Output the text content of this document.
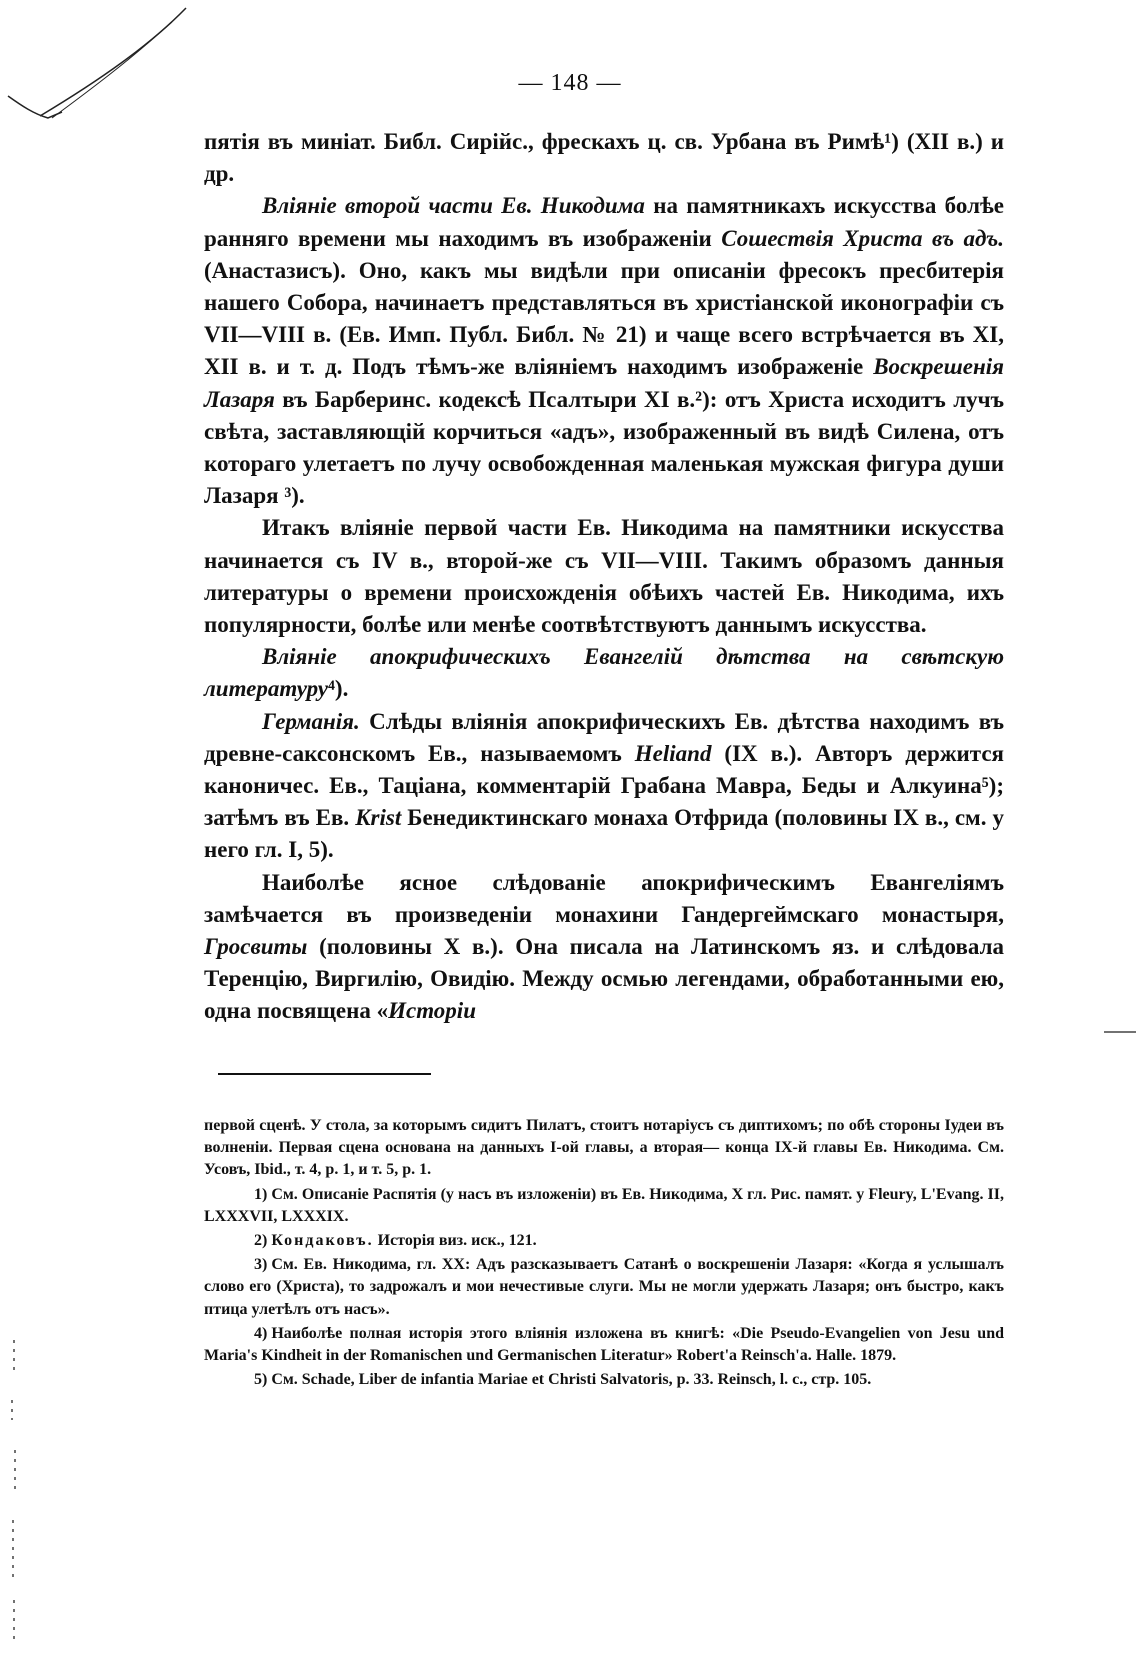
— 148 —

пятія въ миніат. Библ. Сирійс., фрескахъ ц. св. Урбана въ Римѣ¹) (XII в.) и др.

Вліяніе второй части Ев. Никодима на памятникахъ искусства болѣе ранняго времени мы находимъ въ изображеніи Сошествія Христа въ адъ. (Анастазисъ). Оно, какъ мы видѣли при описаніи фресокъ пресбитерія нашего Собора, начинаетъ представляться въ христіанской иконографіи съ VII—VIII в. (Ев. Имп. Публ. Библ. № 21) и чаще всего встрѣчается въ XI, XII в. и т. д. Подъ тѣмъ-же вліяніемъ находимъ изображеніе Воскрешенія Лазаря въ Барберинс. кодексѣ Псалтыри XI в.²): отъ Христа исходитъ лучъ свѣта, заставляющій корчиться «адъ», изображенный въ видѣ Силена, отъ котораго улетаетъ по лучу освобожденная маленькая мужская фигура души Лазаря ³).

Итакъ вліяніе первой части Ев. Никодима на памятники искусства начинается съ IV в., второй-же съ VII—VIII. Такимъ образомъ данныя литературы о времени происхожденія обѣихъ частей Ев. Никодима, ихъ популярности, болѣе или менѣе соотвѣтствуютъ даннымъ искусства.

Вліяніе апокрифическихъ Евангелій дѣтства на свѣтскую литературу⁴).

Германія. Слѣды вліянія апокрифическихъ Ев. дѣтства находимъ въ древне-саксонскомъ Ев., называемомъ Heliand (IX в.). Авторъ держится каноничес. Ев., Таціана, комментарій Грабана Мавра, Беды и Алкуина⁵); затѣмъ въ Ев. Krist Бенедиктинскаго монаха Отфрида (половины IX в., см. у него гл. I, 5).

Наиболѣе ясное слѣдованіе апокрифическимъ Евангеліямъ замѣчается въ произведеніи монахини Гандергеймскаго монастыря, Гросвиты (половины X в.). Она писала на Латинскомъ яз. и слѣдовала Теренцію, Виргилію, Овидію. Между осмью легендами, обработанными ею, одна посвящена «Исторіи

первой сценѣ. У стола, за которымъ сидитъ Пилатъ, стоитъ нотаріусъ съ диптихомъ; по обѣ стороны Іудеи въ волненіи. Первая сцена основана на данныхъ I-ой главы, а вторая— конца IX-й главы Ев. Никодима. См. Усовъ, Ibid., т. 4, p. 1, и т. 5, p. 1.

1) См. Описаніе Распятія (у насъ въ изложеніи) въ Ев. Никодима, X гл. Рис. памят. у Fleury, L'Evang. II, LXXXVII, LXXXIX.

2) Кондаковъ. Исторія виз. иск., 121.

3) См. Ев. Никодима, гл. XX: Адъ разсказываетъ Сатанѣ о воскрешеніи Лазаря: «Когда я услышалъ слово его (Христа), то задрожалъ и мои нечестивые слуги. Мы не могли удержать Лазаря; онъ быстро, какъ птица улетѣлъ отъ насъ».

4) Наиболѣе полная исторія этого вліянія изложена въ книгѣ: «Die Pseudo-Evangelien von Jesu und Maria's Kindheit in der Romanischen und Germanischen Literatur» Robert'a Reinsch'a. Halle. 1879.

5) См. Schade, Liber de infantia Mariae et Christi Salvatoris, p. 33. Reinsch, l. c., стр. 105.
